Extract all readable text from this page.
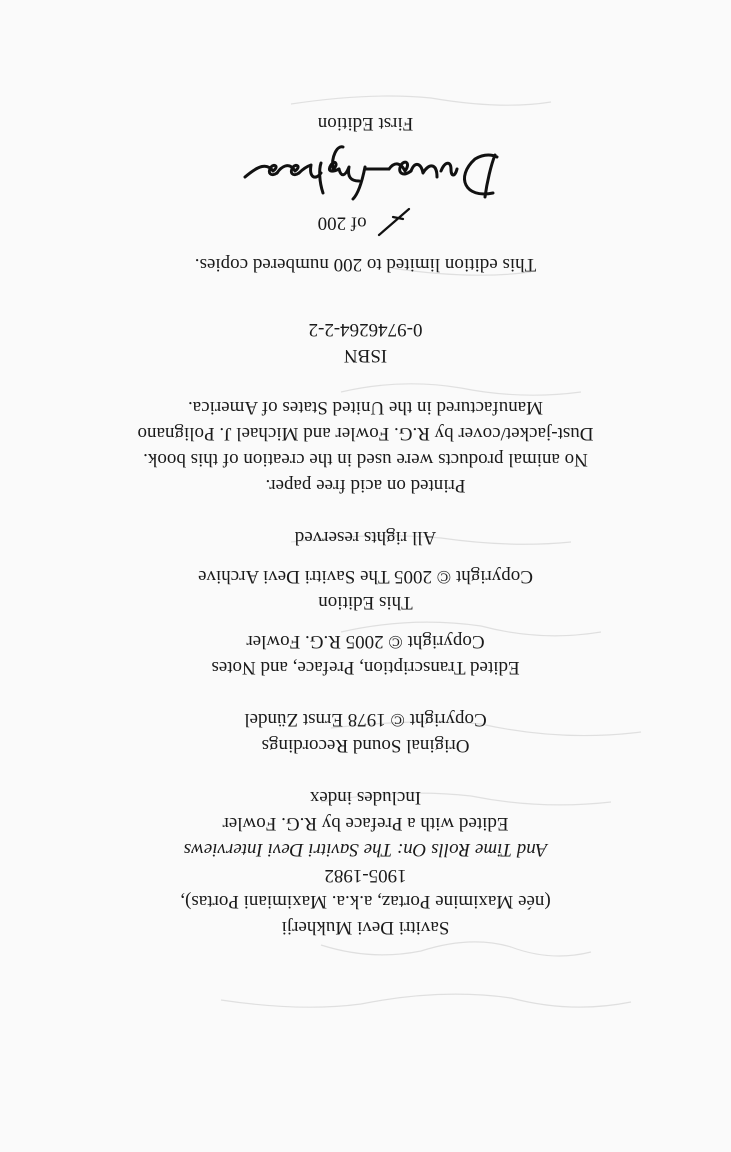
Savitri Devi Mukherji
(née Maximine Portaz, a.k.a. Maximiani Portas),
1905-1982
And Time Rolls On: The Savitri Devi Interviews
Edited with a Preface by R.G. Fowler
Includes index
Original Sound Recordings
Copyright © 1978 Ernst Zündel
Edited Transcription, Preface, and Notes
Copyright © 2005 R.G. Fowler
This Edition
Copyright © 2005 The Savitri Devi Archive
All rights reserved
Printed on acid free paper.
No animal products were used in the creation of this book.
Dust-jacket/cover by R.G. Fowler and Michael J. Polignano
Manufactured in the United States of America.
ISBN
0-9746264-2-2
This edition limited to 200 numbered copies.
of 200
First Edition
